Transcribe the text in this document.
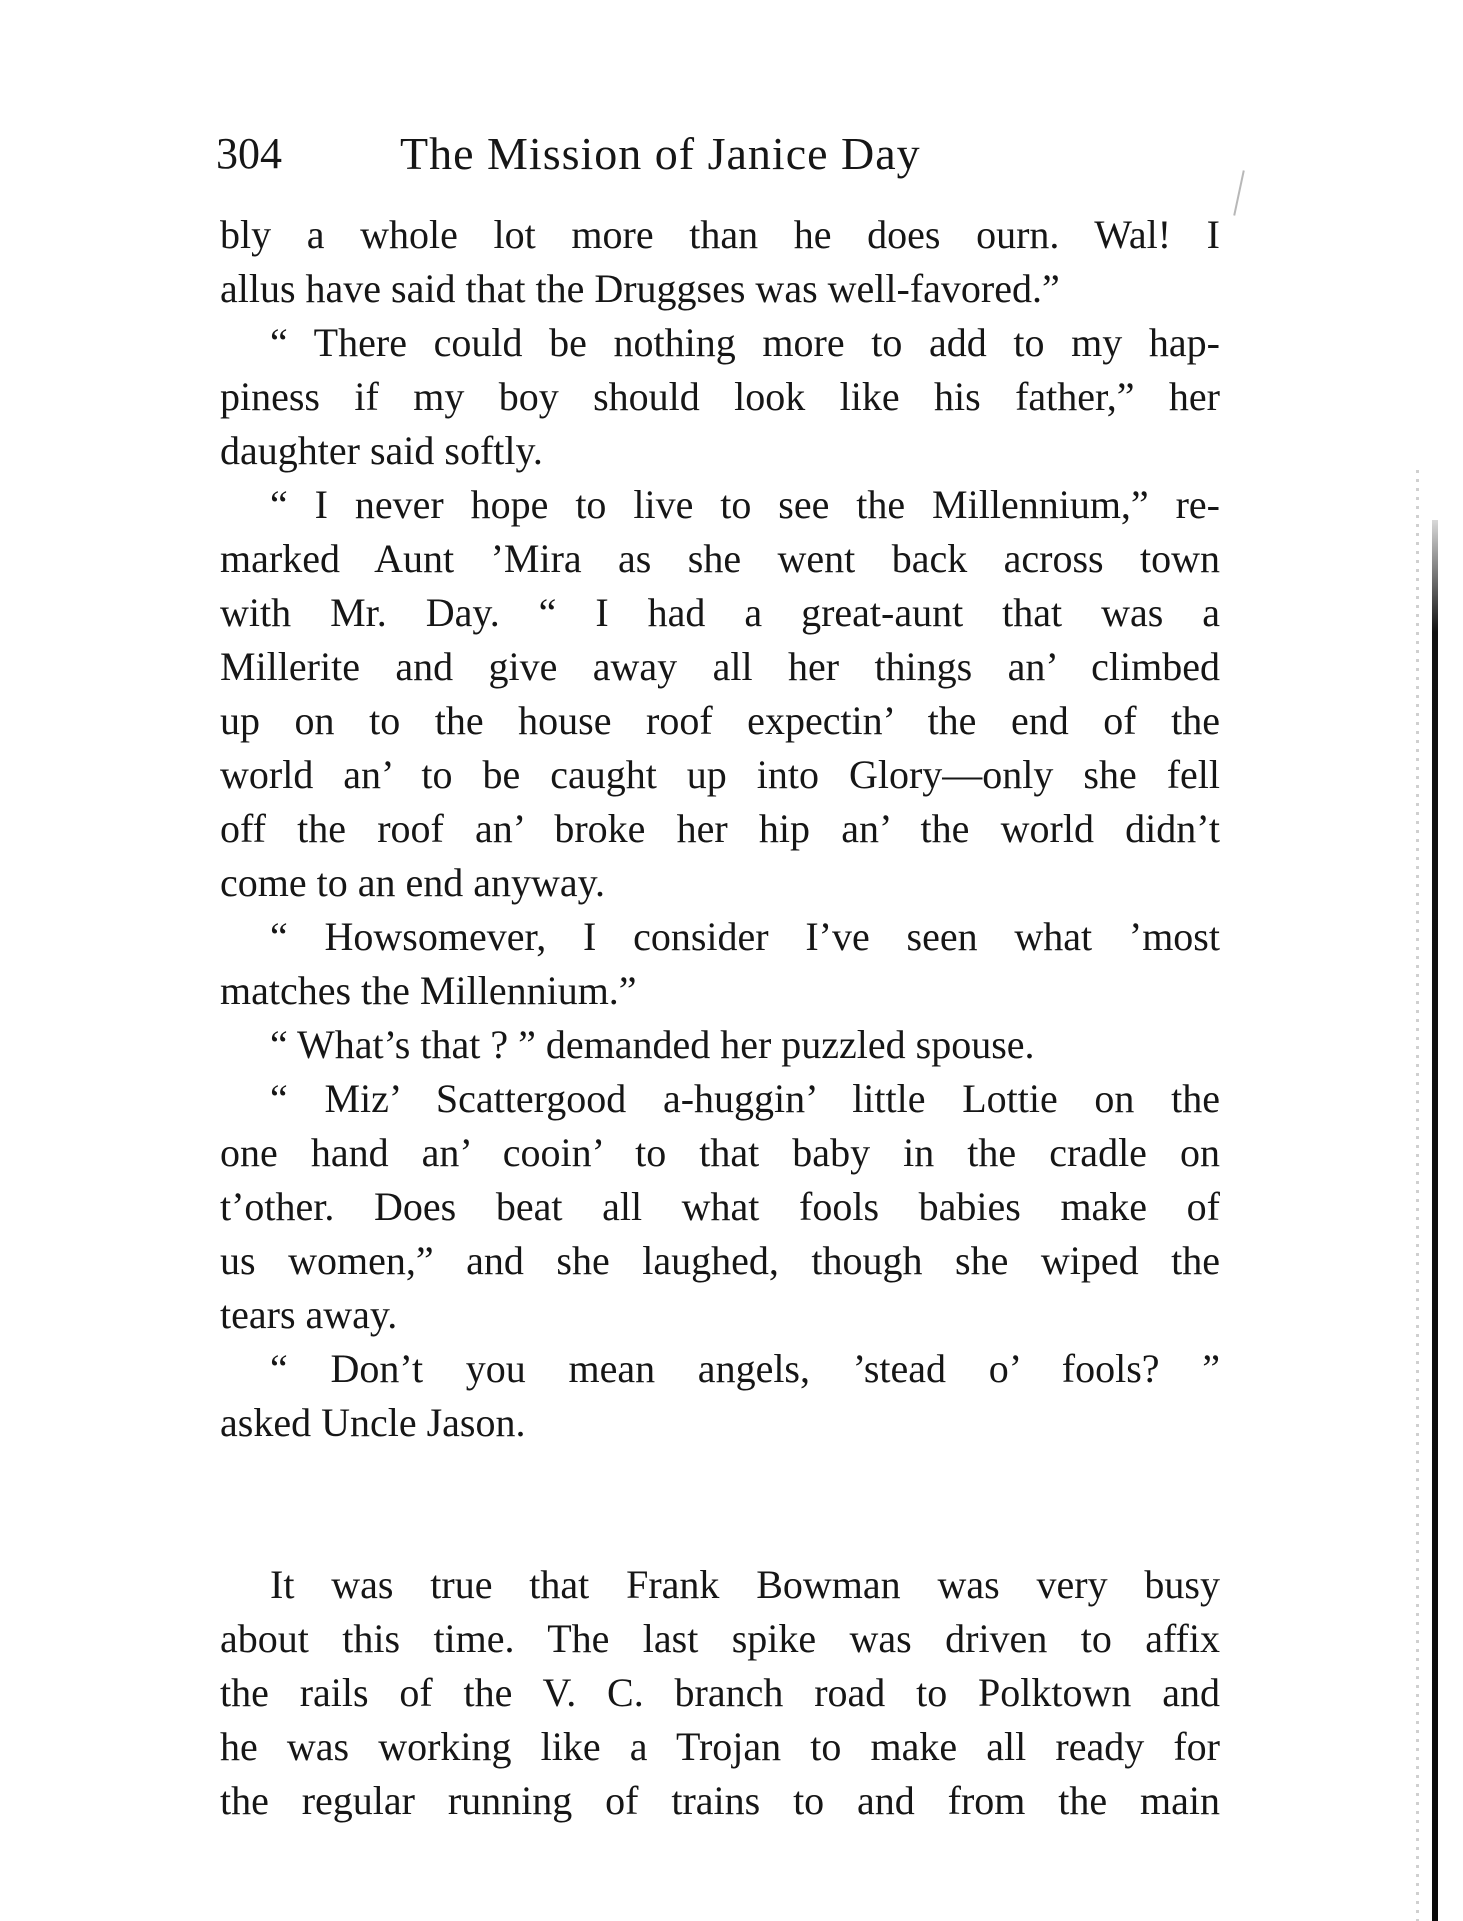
304	The Mission of Janice Day
bly a whole lot more than he does ourn. Wal! I
allus have said that the Druggses was well-favored.”
“ There could be nothing more to add to my hap-
piness if my boy should look like his father,” her
daughter said softly.
“ I never hope to live to see the Millennium,” re-
marked Aunt ’Mira as she went back across town
with Mr. Day. “ I had a great-aunt that was a
Millerite and give away all her things an’ climbed
up on to the house roof expectin’ the end of the
world an’ to be caught up into Glory—only she fell
off the roof an’ broke her hip an’ the world didn’t
come to an end anyway.
“ Howsomever, I consider I’ve seen what ’most
matches the Millennium.”
“ What’s that ? ” demanded her puzzled spouse.
“ Miz’ Scattergood a-huggin’ little Lottie on the
one hand an’ cooin’ to that baby in the cradle on
t’other. Does beat all what fools babies make of
us women,” and she laughed, though she wiped the
tears away.
“ Don’t you mean angels, ’stead o’ fools? ”
asked Uncle Jason.
It was true that Frank Bowman was very busy
about this time. The last spike was driven to affix
the rails of the V. C. branch road to Polktown and
he was working like a Trojan to make all ready for
the regular running of trains to and from the main
